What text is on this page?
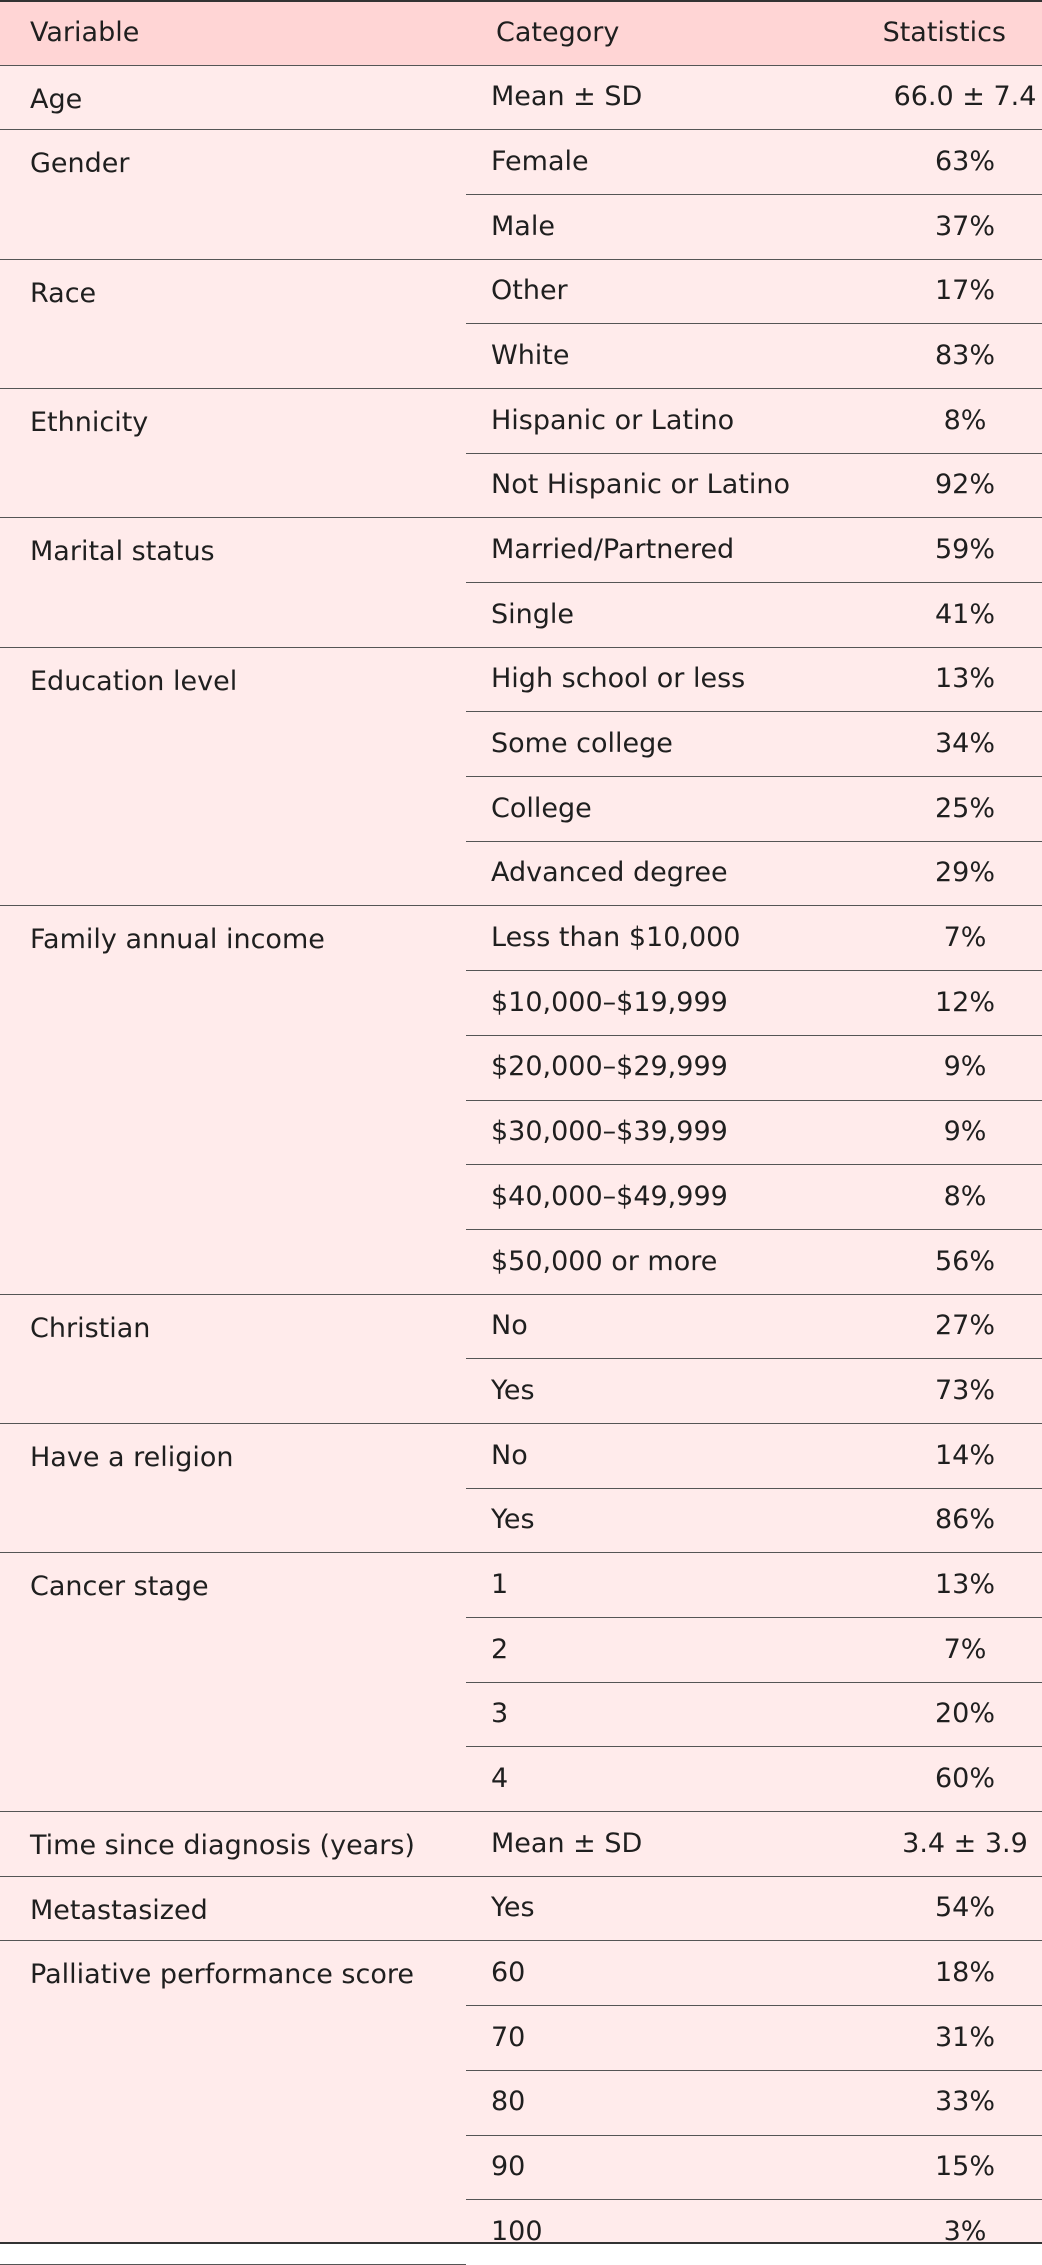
Variable	Category	Statistics
Age	Mean ± SD	66.0 ± 7.4
Gender	Female	63%
	Male	37%
Race	Other	17%
	White	83%
Ethnicity	Hispanic or Latino	8%
	Not Hispanic or Latino	92%
Marital status	Married/Partnered	59%
	Single	41%
Education level	High school or less	13%
	Some college	34%
	College	25%
	Advanced degree	29%
Family annual income	Less than $10,000	7%
	$10,000–$19,999	12%
	$20,000–$29,999	9%
	$30,000–$39,999	9%
	$40,000–$49,999	8%
	$50,000 or more	56%
Christian	No	27%
	Yes	73%
Have a religion	No	14%
	Yes	86%
Cancer stage	1	13%
	2	7%
	3	20%
	4	60%
Time since diagnosis (years)	Mean ± SD	3.4 ± 3.9
Metastasized	Yes	54%
Palliative performance score	60	18%
	70	31%
	80	33%
	90	15%
	100	3%
